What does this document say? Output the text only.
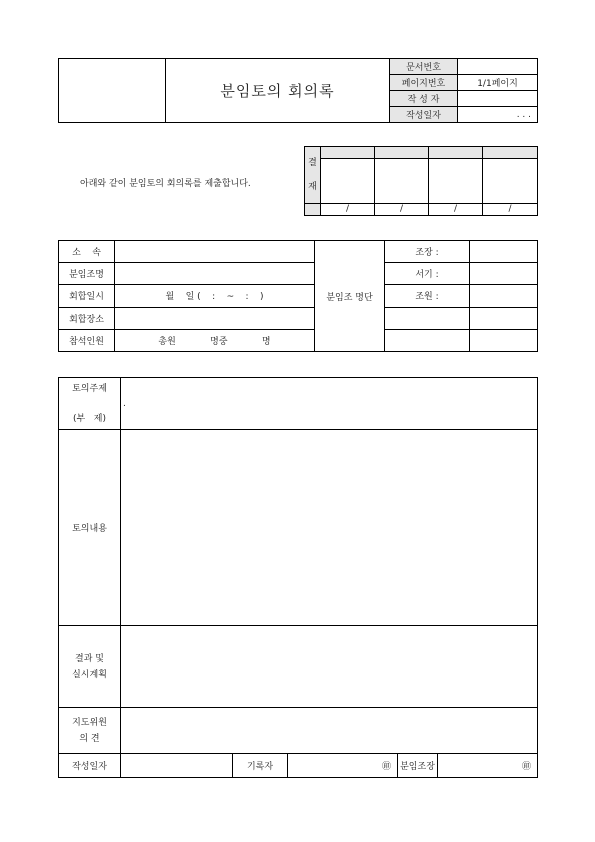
	분임토의 회의록	문서번호	
		페이지번호	1/1페이지
		작 성 자	
		작성일자	. . .
아래와 같이 분임토의 회의록를 제출합니다.
결
재				

	/	/	/	/
소    속		분임조 명단	조장 :	
분임조명			서기 :	
회합일시	월    일 (    :    ~    :    )		조원 :	
회합장소				
참석인원	총원            명중            명			
토의주제
(부   제)	.				
토의내용					
결과 및
실시계획					
지도위원
의 견					
작성일자		기록자	㊞	분임조장	㊞
